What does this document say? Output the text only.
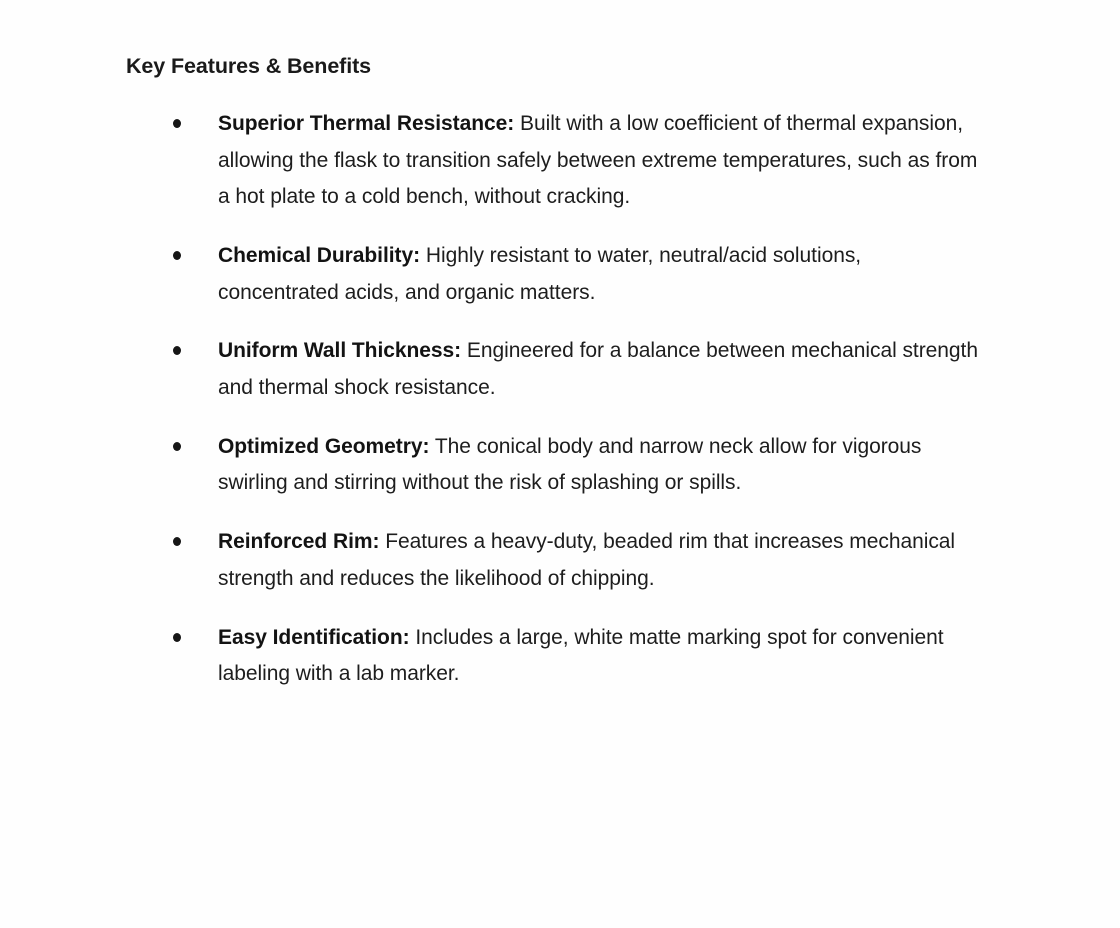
Key Features & Benefits
Superior Thermal Resistance: Built with a low coefficient of thermal expansion, allowing the flask to transition safely between extreme temperatures, such as from a hot plate to a cold bench, without cracking.
Chemical Durability: Highly resistant to water, neutral/acid solutions, concentrated acids, and organic matters.
Uniform Wall Thickness: Engineered for a balance between mechanical strength and thermal shock resistance.
Optimized Geometry: The conical body and narrow neck allow for vigorous swirling and stirring without the risk of splashing or spills.
Reinforced Rim: Features a heavy-duty, beaded rim that increases mechanical strength and reduces the likelihood of chipping.
Easy Identification: Includes a large, white matte marking spot for convenient labeling with a lab marker.
